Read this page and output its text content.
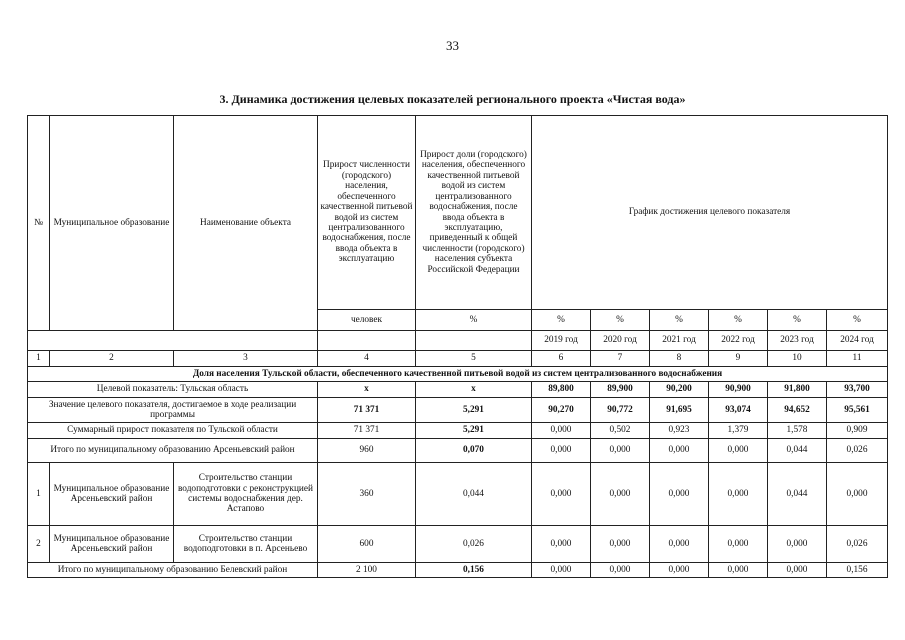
33
3. Динамика достижения целевых показателей регионального проекта «Чистая вода»
№	Муниципальное образование	Наименование объекта	Прирост численности (городского) населения, обеспеченного качественной питьевой водой из систем централизованного водоснабжения, после ввода объекта в эксплуатацию	Прирост доли (городского) населения, обеспеченного качественной питьевой водой из систем централизованного водоснабжения, после ввода объекта в эксплуатацию, приведенный к общей численности (городского) населения субъекта Российской Федерации	График достижения целевого показателя					
			человек	%	%	%	%	%	%	%
					2019 год	2020 год	2021 год	2022 год	2023 год	2024 год
1	2	3	4	5	6	7	8	9	10	11
Доля населения Тульской области, обеспеченного качественной питьевой водой из систем централизованного водоснабжения										
Целевой показатель: Тульская область			x	x	89,800	89,900	90,200	90,900	91,800	93,700
Значение целевого показателя, достигаемое в ходе реализации программы			71 371	5,291	90,270	90,772	91,695	93,074	94,652	95,561
Суммарный прирост показателя по Тульской области			71 371	5,291	0,000	0,502	0,923	1,379	1,578	0,909
Итого по муниципальному образованию Арсеньевский район			960	0,070	0,000	0,000	0,000	0,000	0,044	0,026
1	Муниципальное образование Арсеньевский район	Строительство станции водоподготовки с реконструкцией системы водоснабжения дер. Астапово	360	0,044	0,000	0,000	0,000	0,000	0,044	0,000
2	Муниципальное образование Арсеньевский район	Строительство станции водоподготовки в п. Арсеньево	600	0,026	0,000	0,000	0,000	0,000	0,000	0,026
Итого по муниципальному образованию Белевский район			2 100	0,156	0,000	0,000	0,000	0,000	0,000	0,156
